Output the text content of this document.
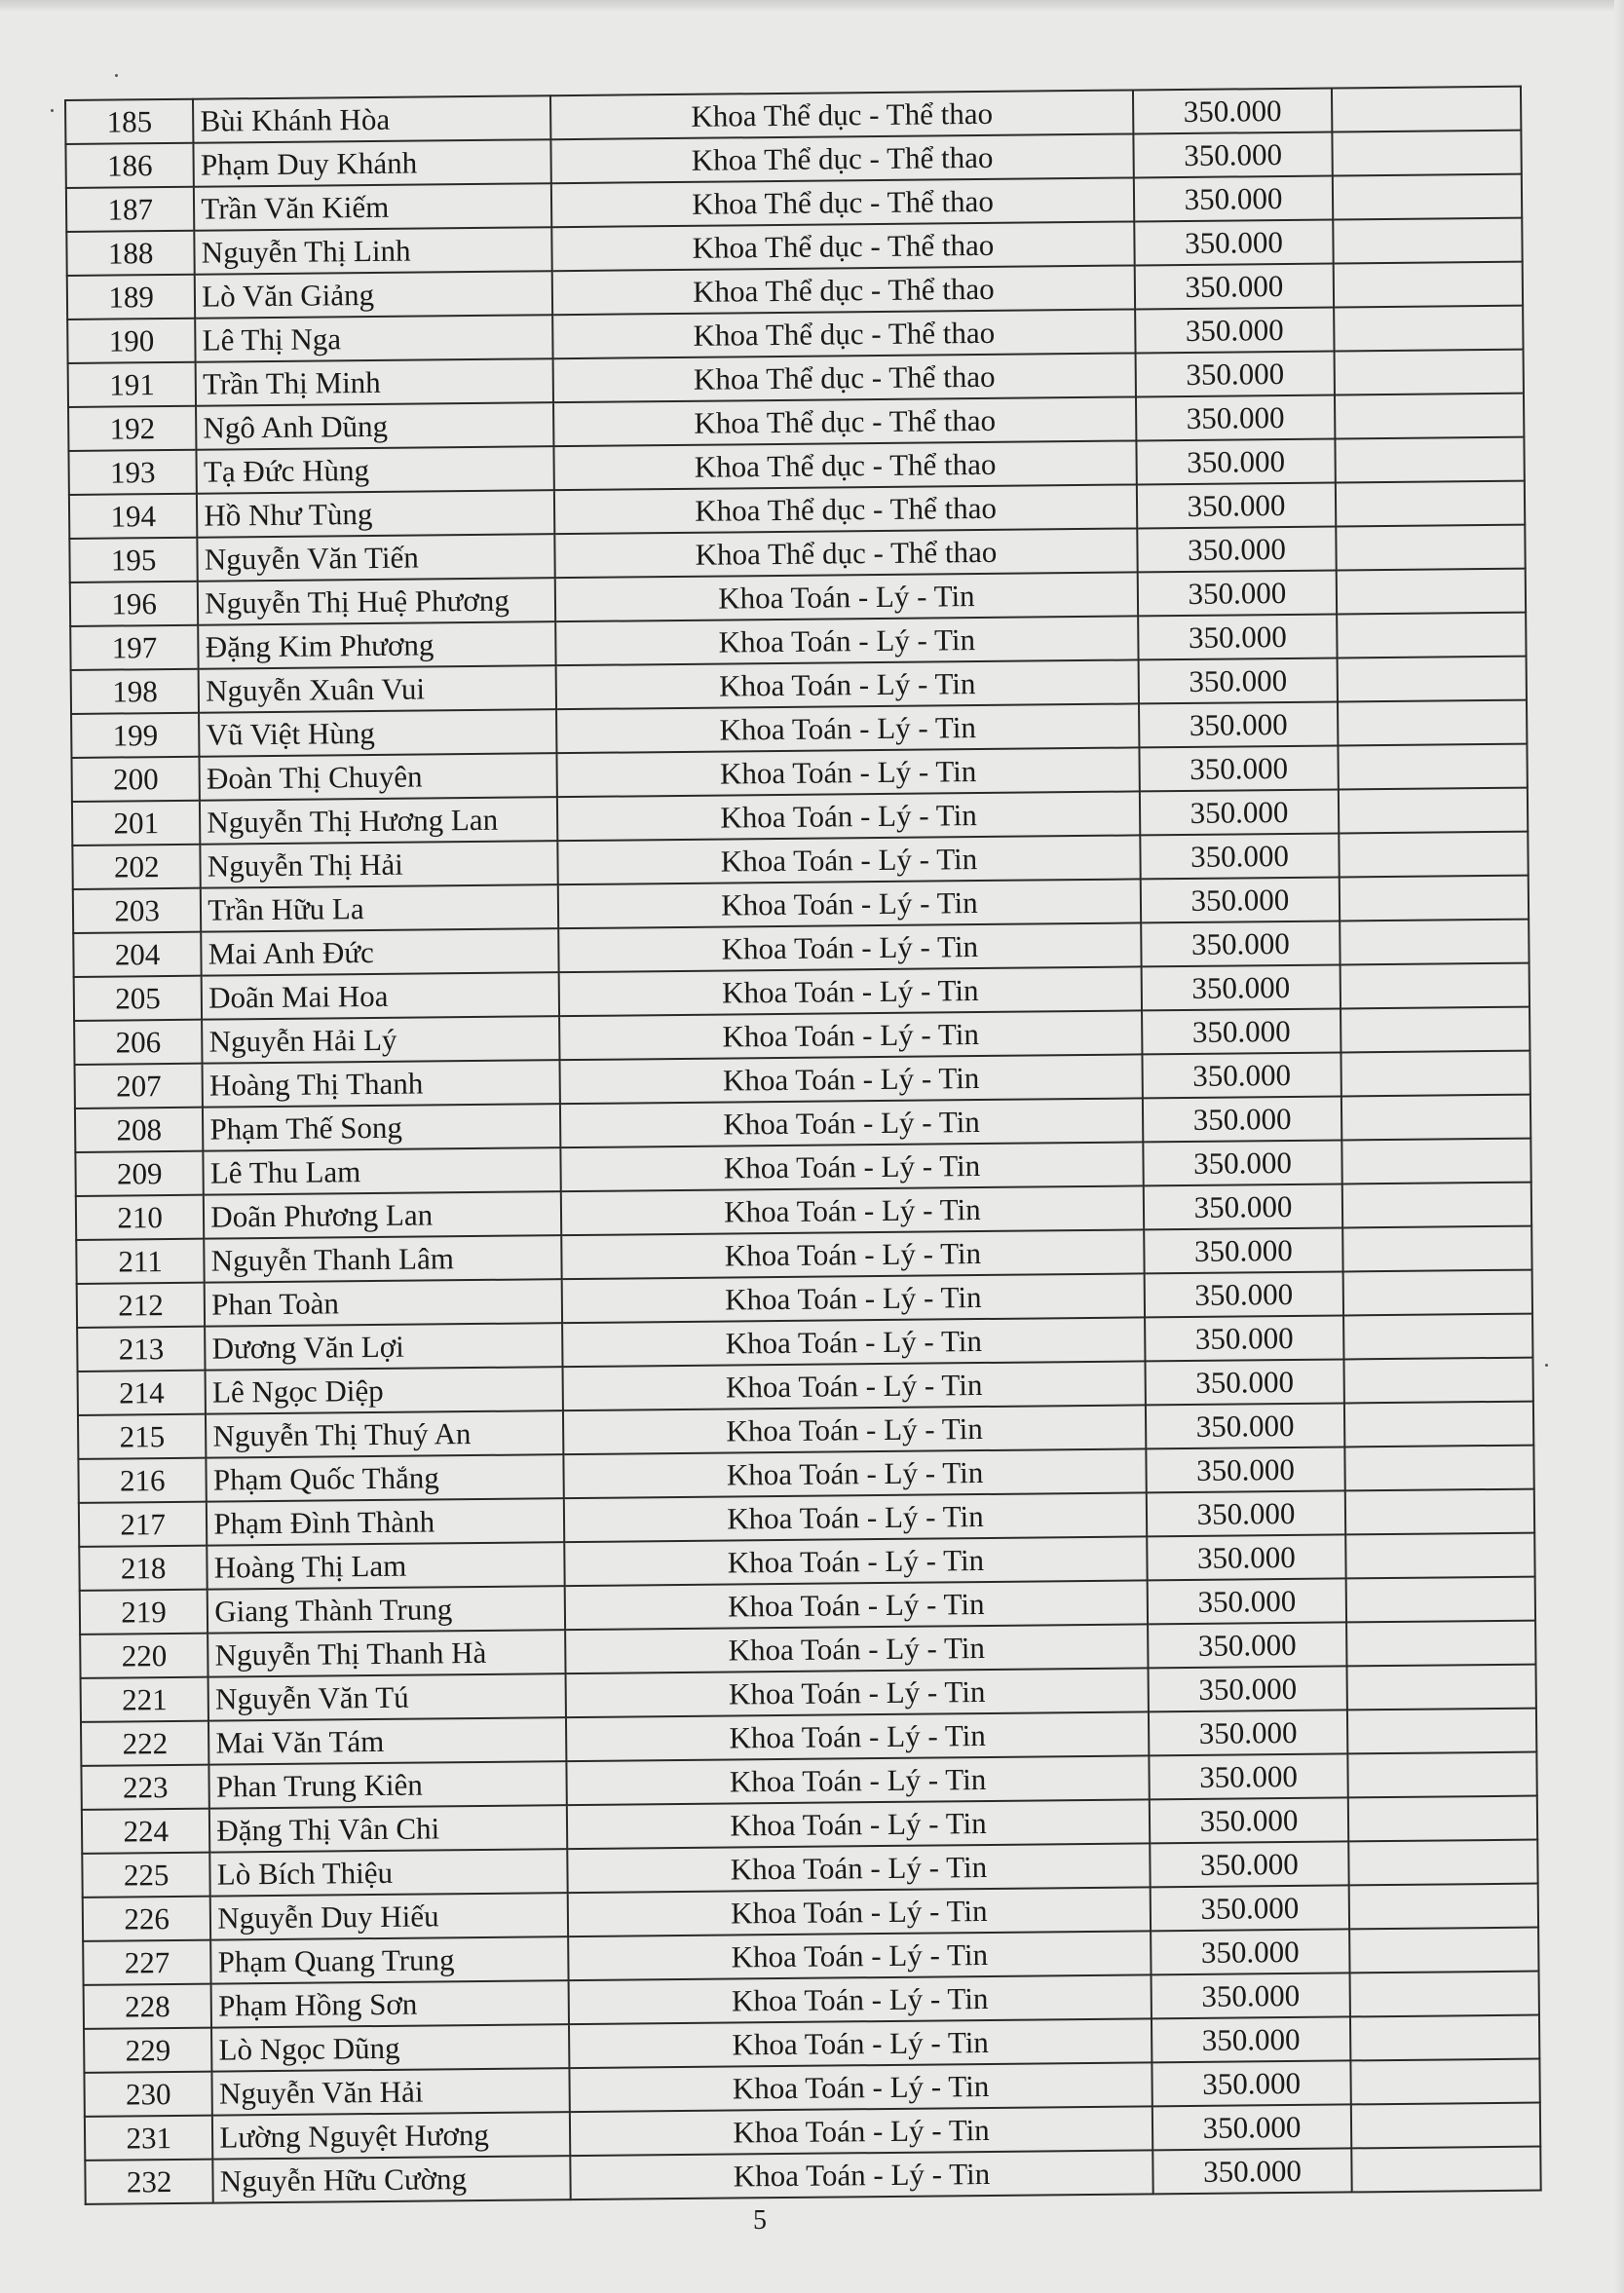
185	Bùi Khánh Hòa	Khoa Thể dục - Thể thao	350.000	
186	Phạm Duy Khánh	Khoa Thể dục - Thể thao	350.000	
187	Trần Văn Kiếm	Khoa Thể dục - Thể thao	350.000	
188	Nguyễn Thị Linh	Khoa Thể dục - Thể thao	350.000	
189	Lò Văn Giảng	Khoa Thể dục - Thể thao	350.000	
190	Lê Thị Nga	Khoa Thể dục - Thể thao	350.000	
191	Trần Thị Minh	Khoa Thể dục - Thể thao	350.000	
192	Ngô Anh Dũng	Khoa Thể dục - Thể thao	350.000	
193	Tạ Đức Hùng	Khoa Thể dục - Thể thao	350.000	
194	Hồ Như Tùng	Khoa Thể dục - Thể thao	350.000	
195	Nguyễn Văn Tiến	Khoa Thể dục - Thể thao	350.000	
196	Nguyễn Thị Huệ Phương	Khoa Toán - Lý - Tin	350.000	
197	Đặng Kim Phương	Khoa Toán - Lý - Tin	350.000	
198	Nguyễn Xuân Vui	Khoa Toán - Lý - Tin	350.000	
199	Vũ Việt Hùng	Khoa Toán - Lý - Tin	350.000	
200	Đoàn Thị Chuyên	Khoa Toán - Lý - Tin	350.000	
201	Nguyễn Thị Hương Lan	Khoa Toán - Lý - Tin	350.000	
202	Nguyễn Thị Hải	Khoa Toán - Lý - Tin	350.000	
203	Trần Hữu La	Khoa Toán - Lý - Tin	350.000	
204	Mai Anh Đức	Khoa Toán - Lý - Tin	350.000	
205	Doãn Mai Hoa	Khoa Toán - Lý - Tin	350.000	
206	Nguyễn Hải Lý	Khoa Toán - Lý - Tin	350.000	
207	Hoàng Thị Thanh	Khoa Toán - Lý - Tin	350.000	
208	Phạm Thế Song	Khoa Toán - Lý - Tin	350.000	
209	Lê Thu Lam	Khoa Toán - Lý - Tin	350.000	
210	Doãn Phương Lan	Khoa Toán - Lý - Tin	350.000	
211	Nguyễn Thanh Lâm	Khoa Toán - Lý - Tin	350.000	
212	Phan Toàn	Khoa Toán - Lý - Tin	350.000	
213	Dương Văn Lợi	Khoa Toán - Lý - Tin	350.000	
214	Lê Ngọc Diệp	Khoa Toán - Lý - Tin	350.000	
215	Nguyễn Thị Thuý An	Khoa Toán - Lý - Tin	350.000	
216	Phạm Quốc Thắng	Khoa Toán - Lý - Tin	350.000	
217	Phạm Đình Thành	Khoa Toán - Lý - Tin	350.000	
218	Hoàng Thị Lam	Khoa Toán - Lý - Tin	350.000	
219	Giang Thành Trung	Khoa Toán - Lý - Tin	350.000	
220	Nguyễn Thị Thanh Hà	Khoa Toán - Lý - Tin	350.000	
221	Nguyễn Văn Tú	Khoa Toán - Lý - Tin	350.000	
222	Mai Văn Tám	Khoa Toán - Lý - Tin	350.000	
223	Phan Trung Kiên	Khoa Toán - Lý - Tin	350.000	
224	Đặng Thị Vân Chi	Khoa Toán - Lý - Tin	350.000	
225	Lò Bích Thiệu	Khoa Toán - Lý - Tin	350.000	
226	Nguyễn Duy Hiếu	Khoa Toán - Lý - Tin	350.000	
227	Phạm Quang Trung	Khoa Toán - Lý - Tin	350.000	
228	Phạm Hồng Sơn	Khoa Toán - Lý - Tin	350.000	
229	Lò Ngọc Dũng	Khoa Toán - Lý - Tin	350.000	
230	Nguyễn Văn Hải	Khoa Toán - Lý - Tin	350.000	
231	Lường Nguyệt Hương	Khoa Toán - Lý - Tin	350.000	
232	Nguyễn Hữu Cường	Khoa Toán - Lý - Tin	350.000	
5
